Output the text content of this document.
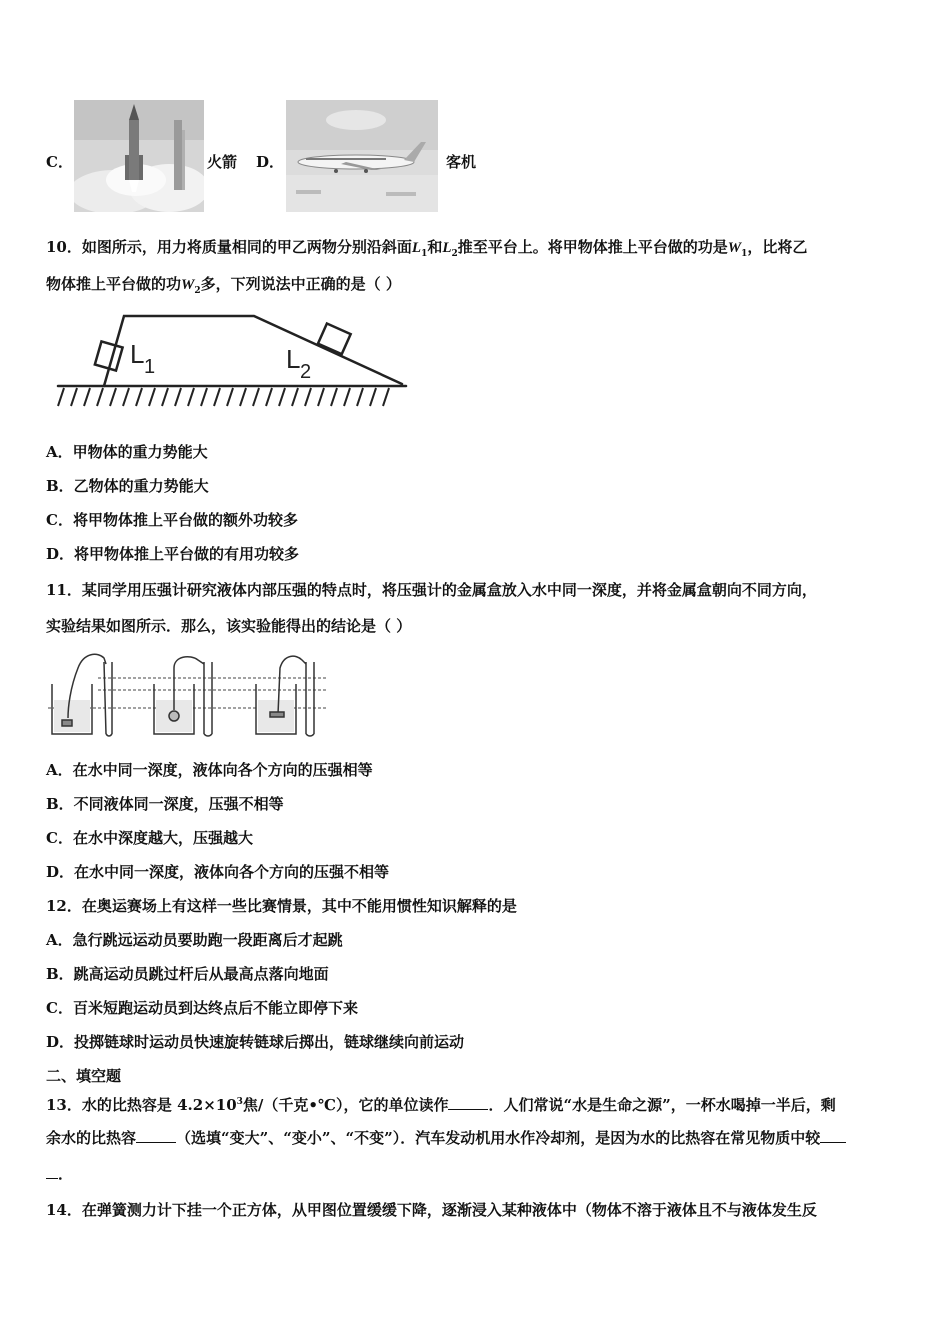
C．	火箭 D．	客机
10．如图所示，用力将质量相同的甲乙两物分别沿斜面$L_1$和$L_2$推至平台上。将甲物体推上平台做的功是$W_1$，比将乙
物体推上平台做的功$W_2$多，下列说法中正确的是（ ）
L 1	L 2
A．甲物体的重力势能大
B．乙物体的重力势能大
C．将甲物体推上平台做的额外功较多
D．将甲物体推上平台做的有用功较多
11．某同学用压强计研究液体内部压强的特点时，将压强计的金属盒放入水中同一深度，并将金属盒朝向不同方向，
实验结果如图所示．那么，该实验能得出的结论是（ ）
A．在水中同一深度，液体向各个方向的压强相等
B．不同液体同一深度，压强不相等
C．在水中深度越大，压强越大
D．在水中同一深度，液体向各个方向的压强不相等
12．在奥运赛场上有这样一些比赛情景，其中不能用惯性知识解释的是
A．急行跳远运动员要助跑一段距离后才起跳
B．跳高运动员跳过杆后从最高点落向地面
C．百米短跑运动员到达终点后不能立即停下来
D．投掷链球时运动员快速旋转链球后掷出，链球继续向前运动
二、填空题
13．水的比热容是 $4.2\times 10^3$焦/（千克•℃），它的单位读作	．人们常说“水是生命之源”，一杯水喝掉一半后，剩
余水的比热容	（选填“变大”、“变小”、“不变”）．汽车发动机用水作冷却剂，是因为水的比热容在常见物质中较
．
14．在弹簧测力计下挂一个正方体，从甲图位置缓缓下降，逐渐浸入某种液体中（物体不溶于液体且不与液体发生反
